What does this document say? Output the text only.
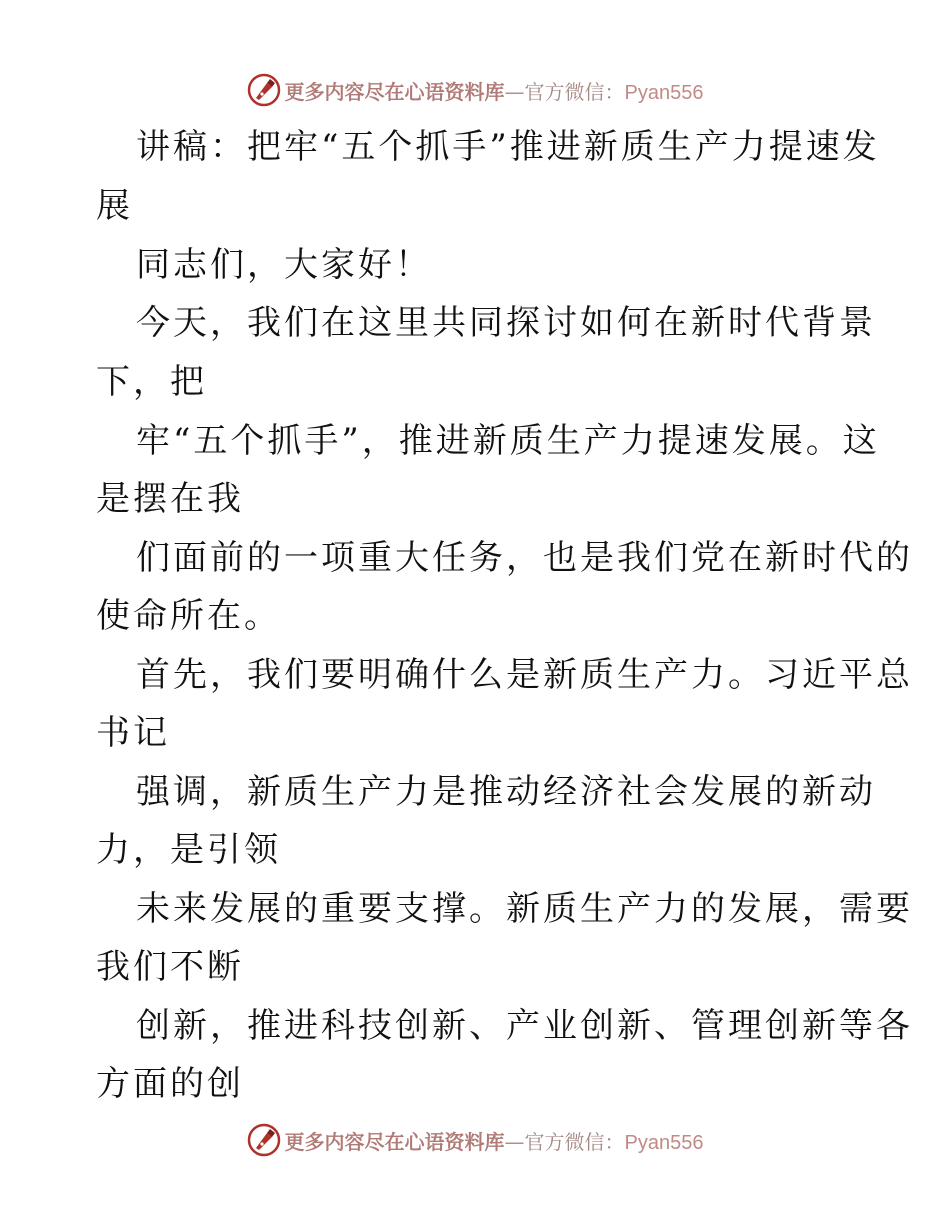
更多内容尽在心语资料库—官方微信：Pyan556
讲稿：把牢“五个抓手”推进新质生产力提速发
展
同志们，大家好！
今天，我们在这里共同探讨如何在新时代背景
下，把
牢“五个抓手”，推进新质生产力提速发展。这
是摆在我
们面前的一项重大任务，也是我们党在新时代的
使命所在。
首先，我们要明确什么是新质生产力。习近平总
书记
强调，新质生产力是推动经济社会发展的新动
力，是引领
未来发展的重要支撑。新质生产力的发展，需要
我们不断
创新，推进科技创新、产业创新、管理创新等各
方面的创
更多内容尽在心语资料库—官方微信：Pyan556
